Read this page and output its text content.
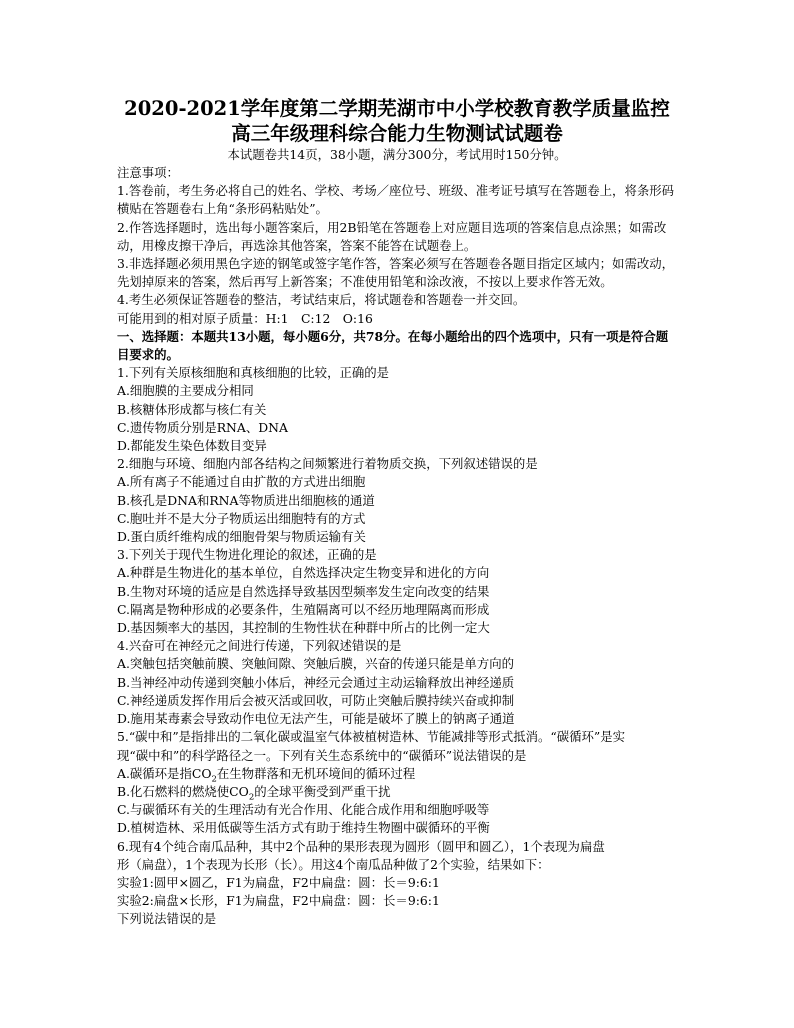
2020-2021学年度第二学期芜湖市中小学校教育教学质量监控
高三年级理科综合能力生物测试试题卷
本试题卷共14页，38小题，满分300分，考试用时150分钟。
注意事项：
1.答卷前，考生务必将自己的姓名、学校、考场／座位号、班级、准考证号填写在答题卷上，将条形码横贴在答题卷右上角“条形码粘贴处”。
2.作答选择题时，选出每小题答案后，用2B铅笔在答题卷上对应题目选项的答案信息点涂黑；如需改动，用橡皮擦干净后，再选涂其他答案，答案不能答在试题卷上。
3.非选择题必须用黑色字迹的钢笔或签字笔作答，答案必须写在答题卷各题目指定区域内；如需改动，先划掉原来的答案，然后再写上新答案；不准使用铅笔和涂改液，不按以上要求作答无效。
4.考生必须保证答题卷的整洁，考试结束后，将试题卷和答题卷一并交回。
可能用到的相对原子质量：H:1　C:12　O:16
一、选择题：本题共13小题，每小题6分，共78分。在每小题给出的四个选项中，只有一项是符合题目要求的。
1.下列有关原核细胞和真核细胞的比较，正确的是
A.细胞膜的主要成分相同
B.核糖体形成都与核仁有关
C.遗传物质分别是RNA、DNA
D.都能发生染色体数目变异
2.细胞与环境、细胞内部各结构之间频繁进行着物质交换，下列叙述错误的是
A.所有离子不能通过自由扩散的方式进出细胞
B.核孔是DNA和RNA等物质进出细胞核的通道
C.胞吐并不是大分子物质运出细胞特有的方式
D.蛋白质纤维构成的细胞骨架与物质运输有关
3.下列关于现代生物进化理论的叙述，正确的是
A.种群是生物进化的基本单位，自然选择决定生物变异和进化的方向
B.生物对环境的适应是自然选择导致基因型频率发生定向改变的结果
C.隔离是物种形成的必要条件，生殖隔离可以不经历地理隔离而形成
D.基因频率大的基因，其控制的生物性状在种群中所占的比例一定大
4.兴奋可在神经元之间进行传递，下列叙述错误的是
A.突触包括突触前膜、突触间隙、突触后膜，兴奋的传递只能是单方向的
B.当神经冲动传递到突触小体后，神经元会通过主动运输释放出神经递质
C.神经递质发挥作用后会被灭活或回收，可防止突触后膜持续兴奋或抑制
D.施用某毒素会导致动作电位无法产生，可能是破坏了膜上的钠离子通道
5.“碳中和”是指排出的二氧化碳或温室气体被植树造林、节能减排等形式抵消。“碳循环”是实
现“碳中和”的科学路径之一。下列有关生态系统中的“碳循环”说法错误的是
A.碳循环是指$CO_2$在生物群落和无机环境间的循环过程
B.化石燃料的燃烧使$CO_2$的全球平衡受到严重干扰
C.与碳循环有关的生理活动有光合作用、化能合成作用和细胞呼吸等
D.植树造林、采用低碳等生活方式有助于维持生物圈中碳循环的平衡
6.现有4个纯合南瓜品种，其中2个品种的果形表现为圆形（圆甲和圆乙），1个表现为扁盘
形（扁盘），1个表现为长形（长）。用这4个南瓜品种做了2个实验，结果如下：
实验1:圆甲×圆乙，F1为扁盘，F2中扁盘：圆：长＝9:6:1
实验2:扁盘×长形，F1为扁盘，F2中扁盘：圆：长＝9:6:1
下列说法错误的是
